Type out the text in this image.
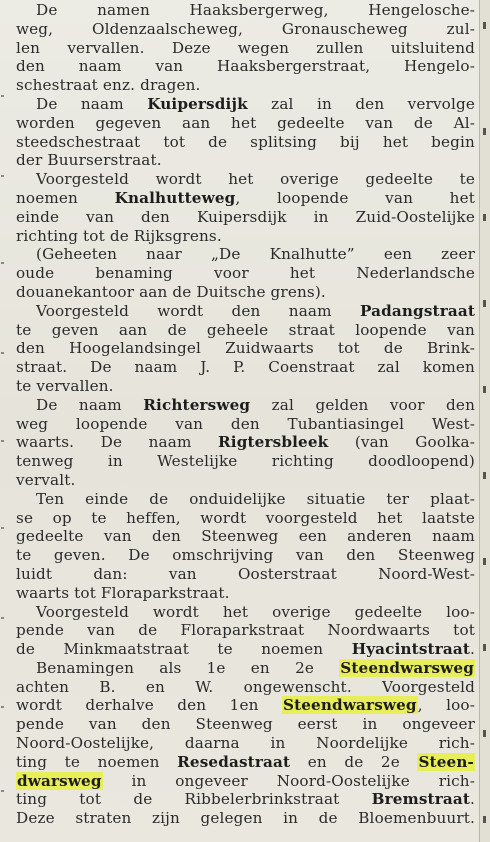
De namen Haaksbergerweg, Hengelosche-
weg, Oldenzaalscheweg, Gronauscheweg zul-
len vervallen. Deze wegen zullen uitsluitend
den naam van Haaksbergerstraat, Hengelo-
schestraat enz. dragen.
De naam Kuipersdijk zal in den vervolge
worden gegeven aan het gedeelte van de Al-
steedschestraat tot de splitsing bij het begin
der Buurserstraat.
Voorgesteld wordt het overige gedeelte te
noemen Knalhutteweg, loopende van het
einde van den Kuipersdijk in Zuid-Oostelijke
richting tot de Rijksgrens.
(Geheeten naar „De Knalhutte” een zeer
oude benaming voor het Nederlandsche
douanekantoor aan de Duitsche grens).
Voorgesteld wordt den naam Padangstraat
te geven aan de geheele straat loopende van
den Hoogelandsingel Zuidwaarts tot de Brink-
straat. De naam J. P. Coenstraat zal komen
te vervallen.
De naam Richtersweg zal gelden voor den
weg loopende van den Tubantiasingel West-
waarts. De naam Rigtersbleek (van Goolka-
tenweg in Westelijke richting doodloopend)
vervalt.
Ten einde de onduidelijke situatie ter plaat-
se op te heffen, wordt voorgesteld het laatste
gedeelte van den Steenweg een anderen naam
te geven. De omschrijving van den Steenweg
luidt dan: van Oosterstraat Noord-West-
waarts tot Floraparkstraat.
Voorgesteld wordt het overige gedeelte loo-
pende van de Floraparkstraat Noordwaarts tot
de Minkmaatstraat te noemen Hyacintstraat.
Benamingen als 1e en 2e Steendwarsweg
achten B. en W. ongewenscht. Voorgesteld
wordt derhalve den 1en Steendwarsweg, loo-
pende van den Steenweg eerst in ongeveer
Noord-Oostelijke, daarna in Noordelijke rich-
ting te noemen Resedastraat en de 2e Steen-
dwarsweg in ongeveer Noord-Oostelijke rich-
ting tot de Ribbelerbrinkstraat Bremstraat.
Deze straten zijn gelegen in de Bloemenbuurt.
